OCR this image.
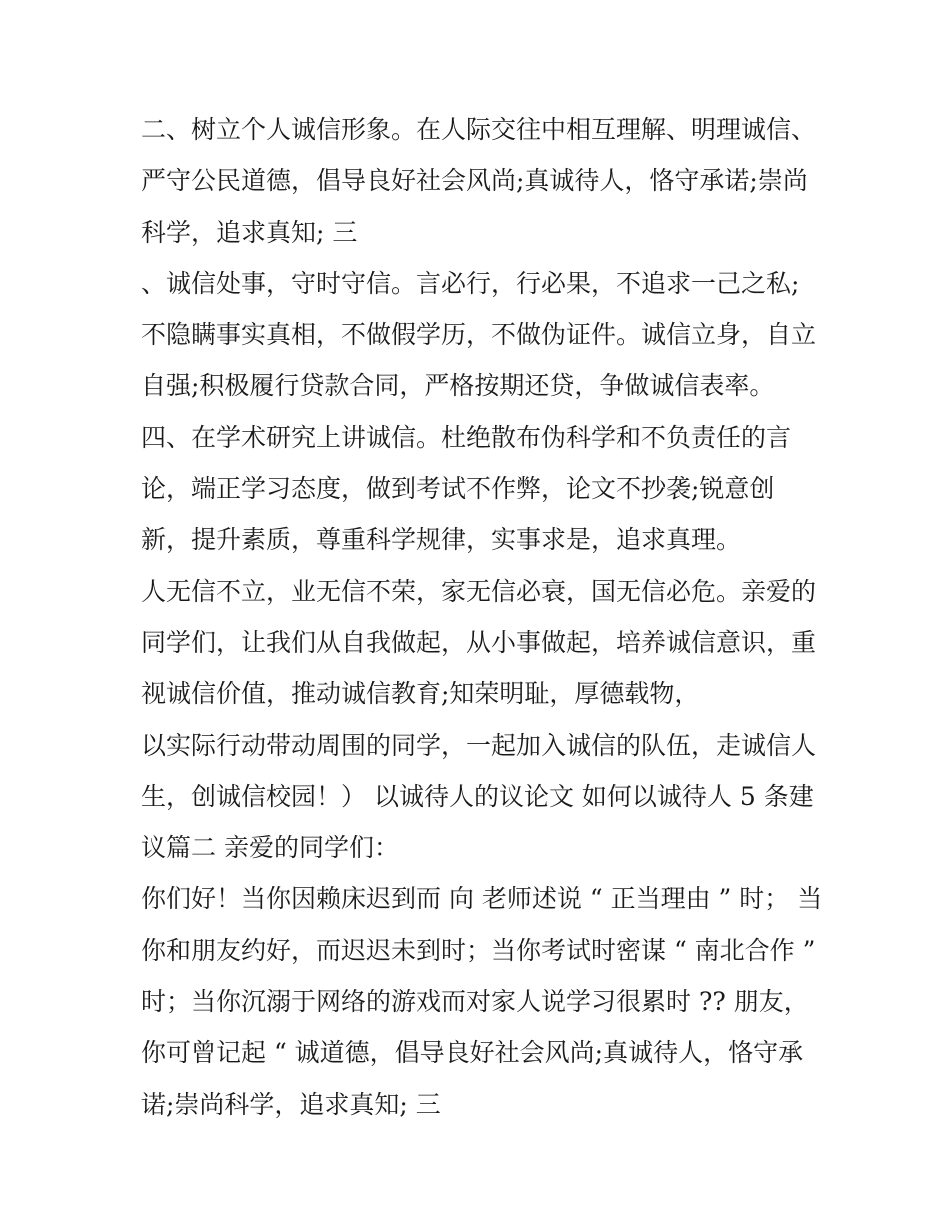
二、树立个人诚信形象。在人际交往中相互理解、明理诚信、
严守公民道德，倡导良好社会风尚;真诚待人，恪守承诺;崇尚
科学，追求真知; 三
、诚信处事，守时守信。言必行，行必果，不追求一己之私;
不隐瞒事实真相，不做假学历，不做伪证件。诚信立身，自立
自强;积极履行贷款合同，严格按期还贷，争做诚信表率。
四、在学术研究上讲诚信。杜绝散布伪科学和不负责任的言
论，端正学习态度，做到考试不作弊，论文不抄袭;锐意创
新，提升素质，尊重科学规律，实事求是，追求真理。
人无信不立，业无信不荣，家无信必衰，国无信必危。亲爱的
同学们，让我们从自我做起，从小事做起，培养诚信意识，重
视诚信价值，推动诚信教育;知荣明耻，厚德载物，
以实际行动带动周围的同学，一起加入诚信的队伍，走诚信人
生，创诚信校园！） 以诚待人的议论文 如何以诚待人 5 条建
议篇二 亲爱的同学们：
你们好！当你因赖床迟到而 向 老师述说 “ 正当理由 ” 时； 当
你和朋友约好，而迟迟未到时；当你考试时密谋 “ 南北合作 ”
时；当你沉溺于网络的游戏而对家人说学习很累时 ?? 朋友，
你可曾记起 “ 诚道德，倡导良好社会风尚;真诚待人，恪守承
诺;崇尚科学，追求真知; 三
